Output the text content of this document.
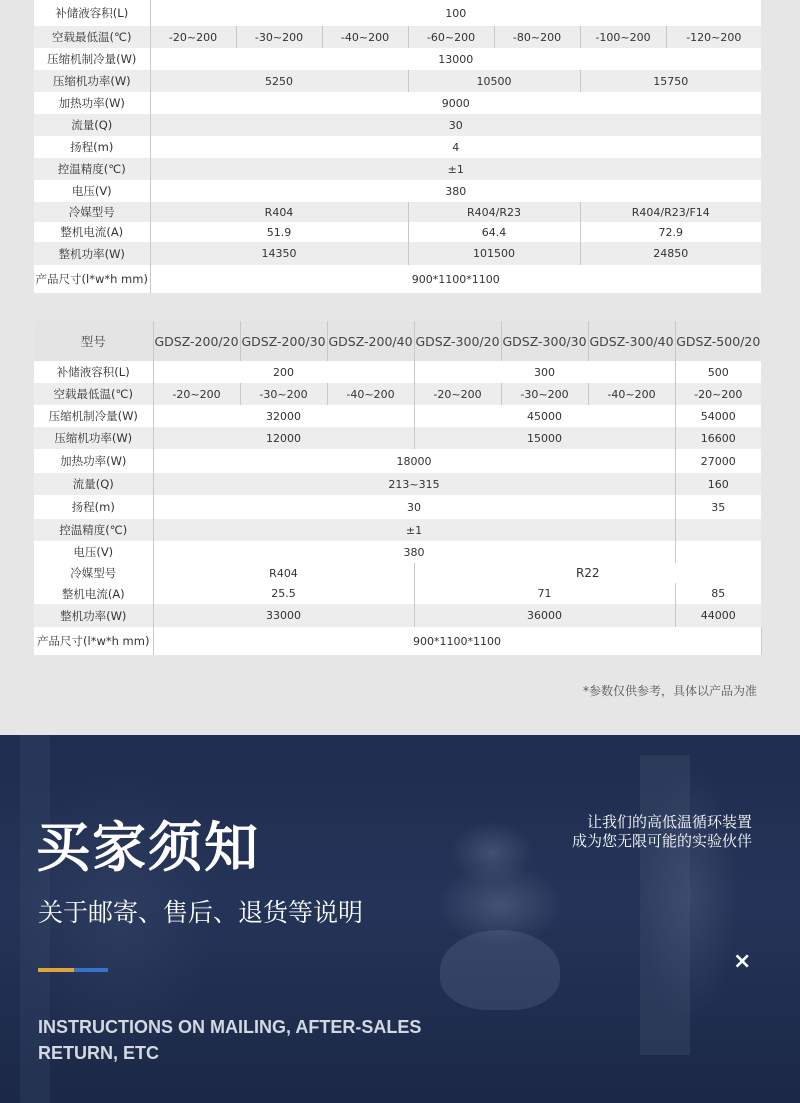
补储液容积(L)	100						
空载最低温(℃)	-20~200	-30~200	-40~200	-60~200	-80~200	-100~200	-120~200
压缩机制冷量(W)	13000						
压缩机功率(W)	5250			10500		15750	
加热功率(W)	9000						
流量(Q)	30						
扬程(m)	4						
控温精度(℃)	±1						
电压(V)	380						
冷媒型号	R404			R404/R23		R404/R23/F14	
整机电流(A)	51.9			64.4		72.9	
整机功率(W)	14350			101500		24850	
产品尺寸(l*w*h mm)	900*1100*1100						
型号	GDSZ-200/20	GDSZ-200/30	GDSZ-200/40	GDSZ-300/20	GDSZ-300/30	GDSZ-300/40	GDSZ-500/20
补储液容积(L)	200			300			500
空载最低温(℃)	-20~200	-30~200	-40~200	-20~200	-30~200	-40~200	-20~200
压缩机制冷量(W)	32000			45000			54000
压缩机功率(W)	12000			15000			16600
加热功率(W)	18000						27000
流量(Q)	213~315						160
扬程(m)	30						35
控温精度(℃)	±1						
电压(V)	380						
冷媒型号	R404			R22			
整机电流(A)	25.5			71			85
整机功率(W)	33000			36000			44000
产品尺寸(l*w*h mm)	900*1100*1100						
*参数仅供参考，具体以产品为准
买家须知
关于邮寄、售后、退货等说明
让我们的高低温循环装置
成为您无限可能的实验伙伴
×
INSTRUCTIONS ON MAILING, AFTER-SALES
RETURN, ETC
